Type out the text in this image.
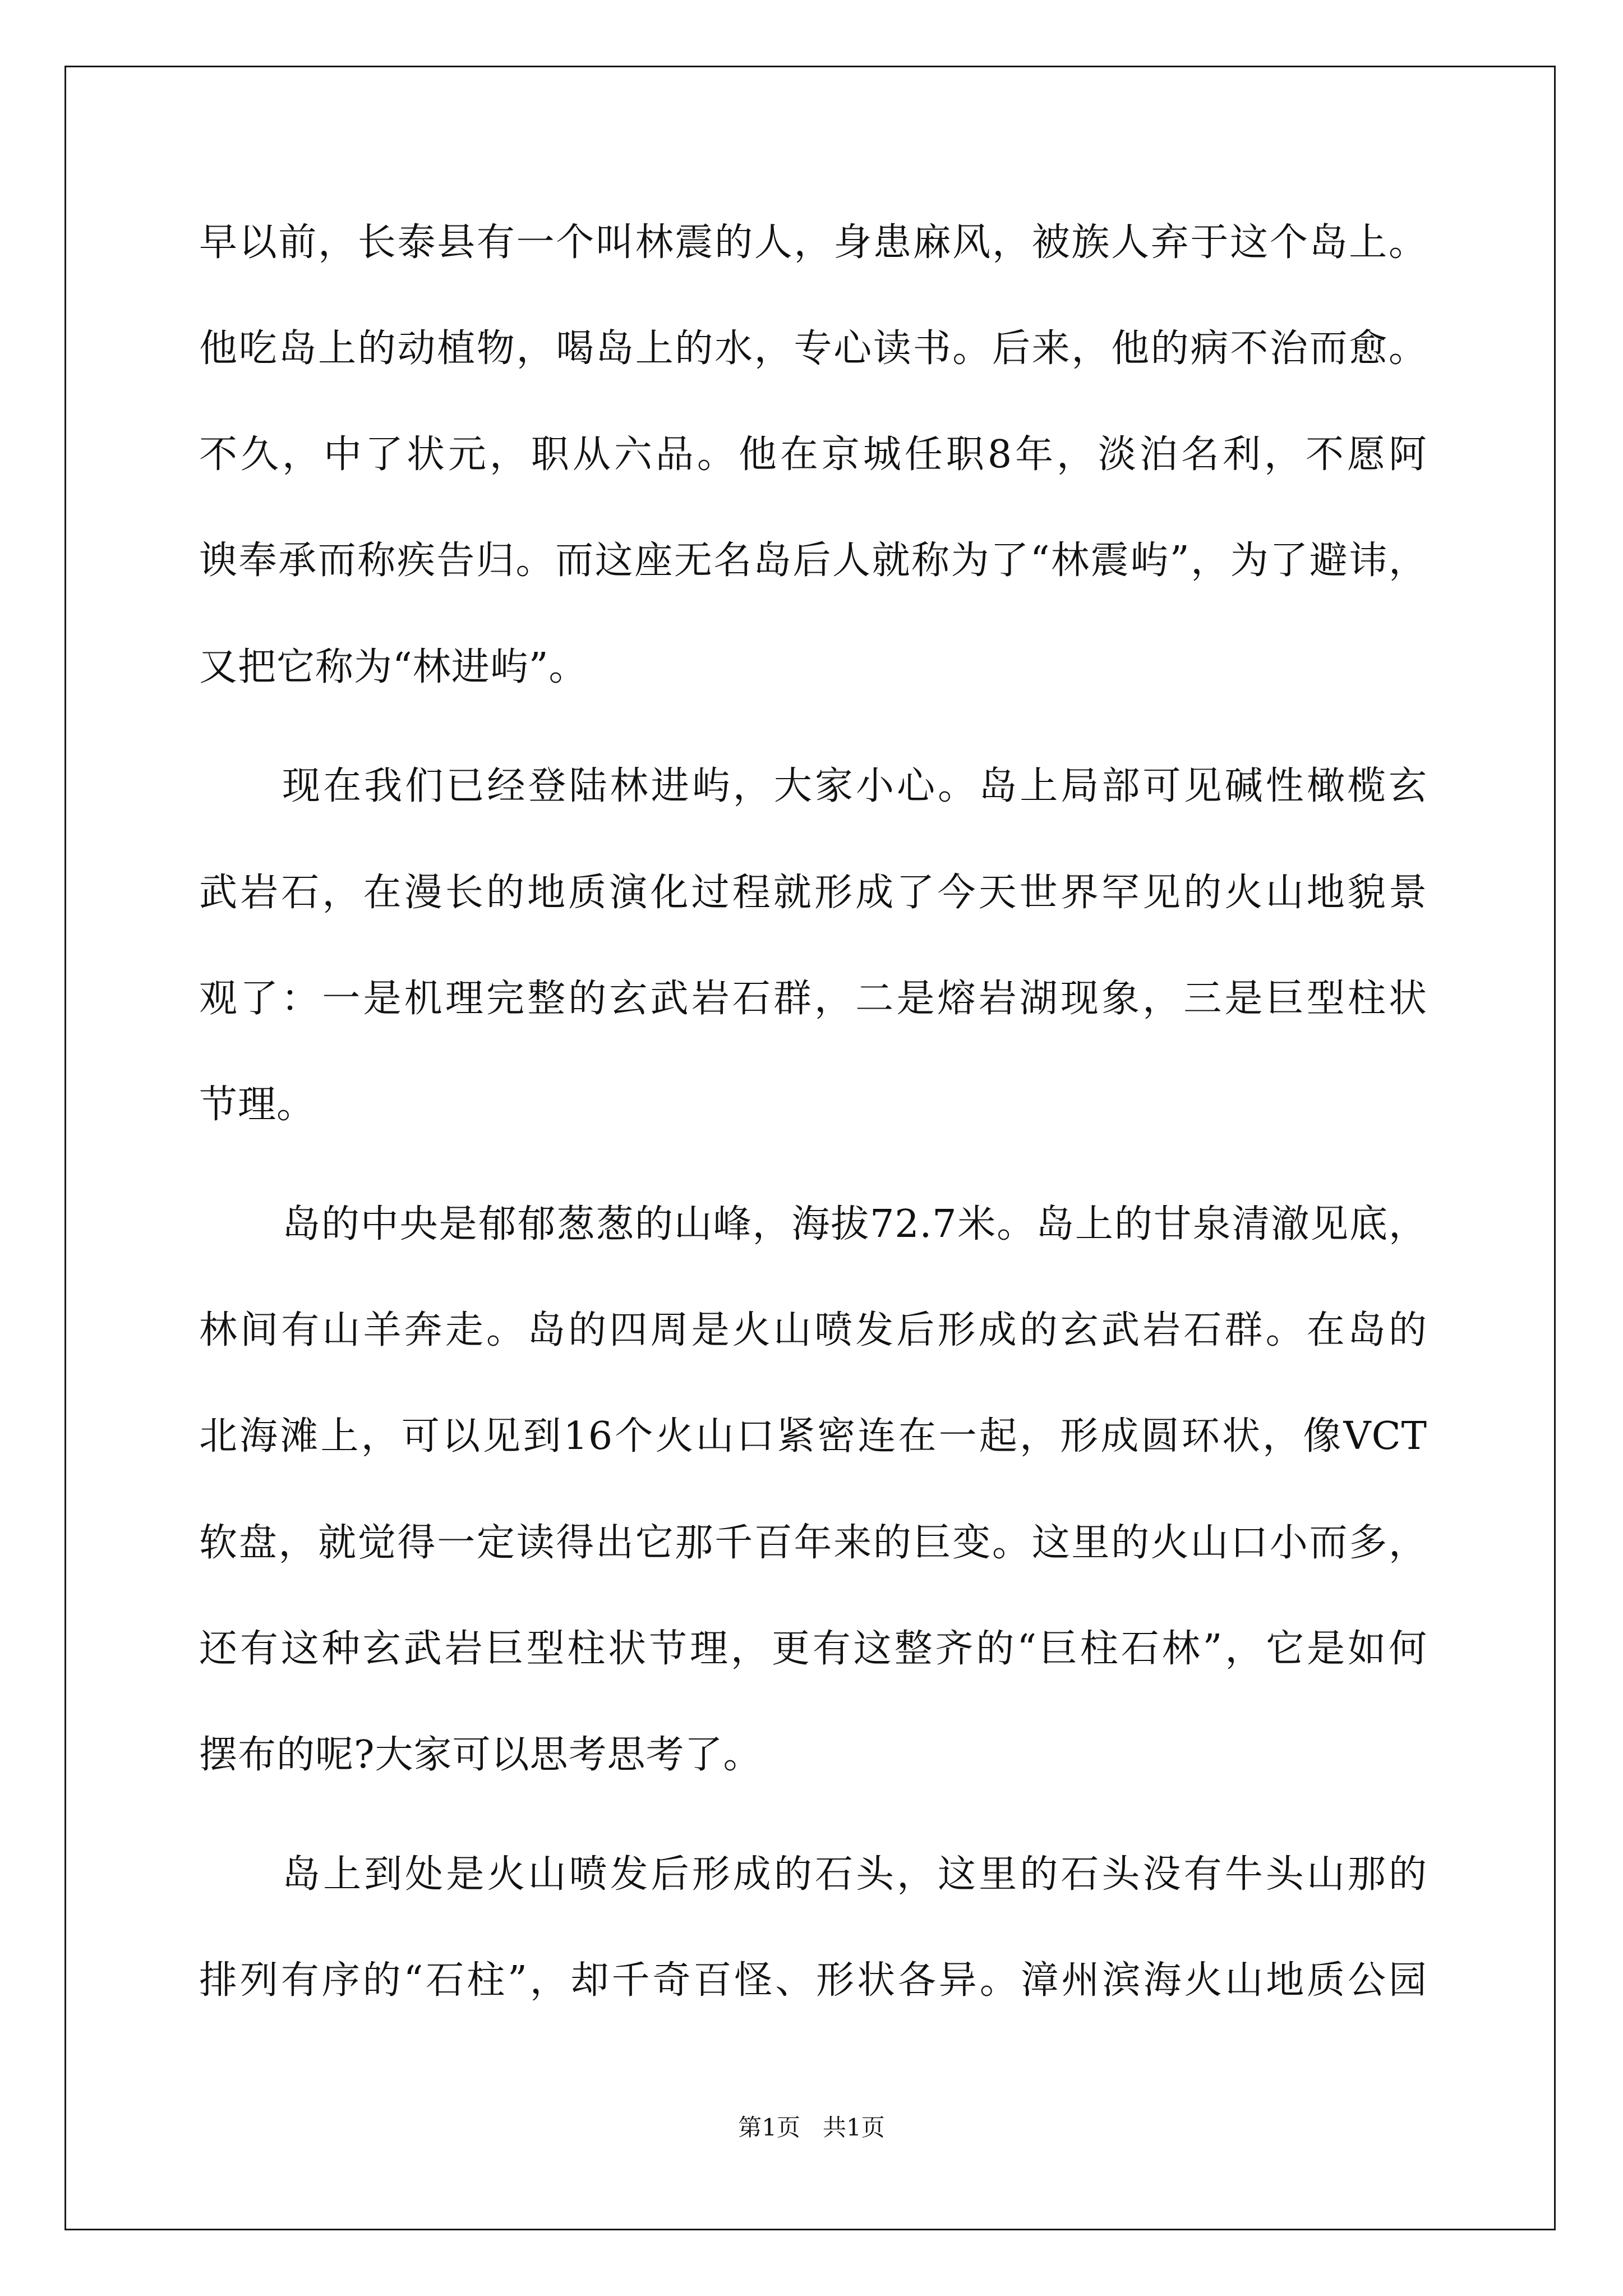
早以前，长泰县有一个叫林震的人，身患麻风，被族人弃于这个岛上。
他吃岛上的动植物，喝岛上的水，专心读书。后来，他的病不治而愈。
不久，中了状元，职从六品。他在京城任职8年，淡泊名利，不愿阿
谀奉承而称疾告归。而这座无名岛后人就称为了“林震屿”，为了避讳，
又把它称为“林进屿”。
现在我们已经登陆林进屿，大家小心。岛上局部可见碱性橄榄玄
武岩石，在漫长的地质演化过程就形成了今天世界罕见的火山地貌景
观了：一是机理完整的玄武岩石群，二是熔岩湖现象，三是巨型柱状
节理。
岛的中央是郁郁葱葱的山峰，海拔72.7米。岛上的甘泉清澈见底，
林间有山羊奔走。岛的四周是火山喷发后形成的玄武岩石群。在岛的
北海滩上，可以见到16个火山口紧密连在一起，形成圆环状，像VCT
软盘，就觉得一定读得出它那千百年来的巨变。这里的火山口小而多，
还有这种玄武岩巨型柱状节理，更有这整齐的“巨柱石林”，它是如何
摆布的呢?大家可以思考思考了。
岛上到处是火山喷发后形成的石头，这里的石头没有牛头山那的
排列有序的“石柱”，却千奇百怪、形状各异。漳州滨海火山地质公园
第1页   共1页
